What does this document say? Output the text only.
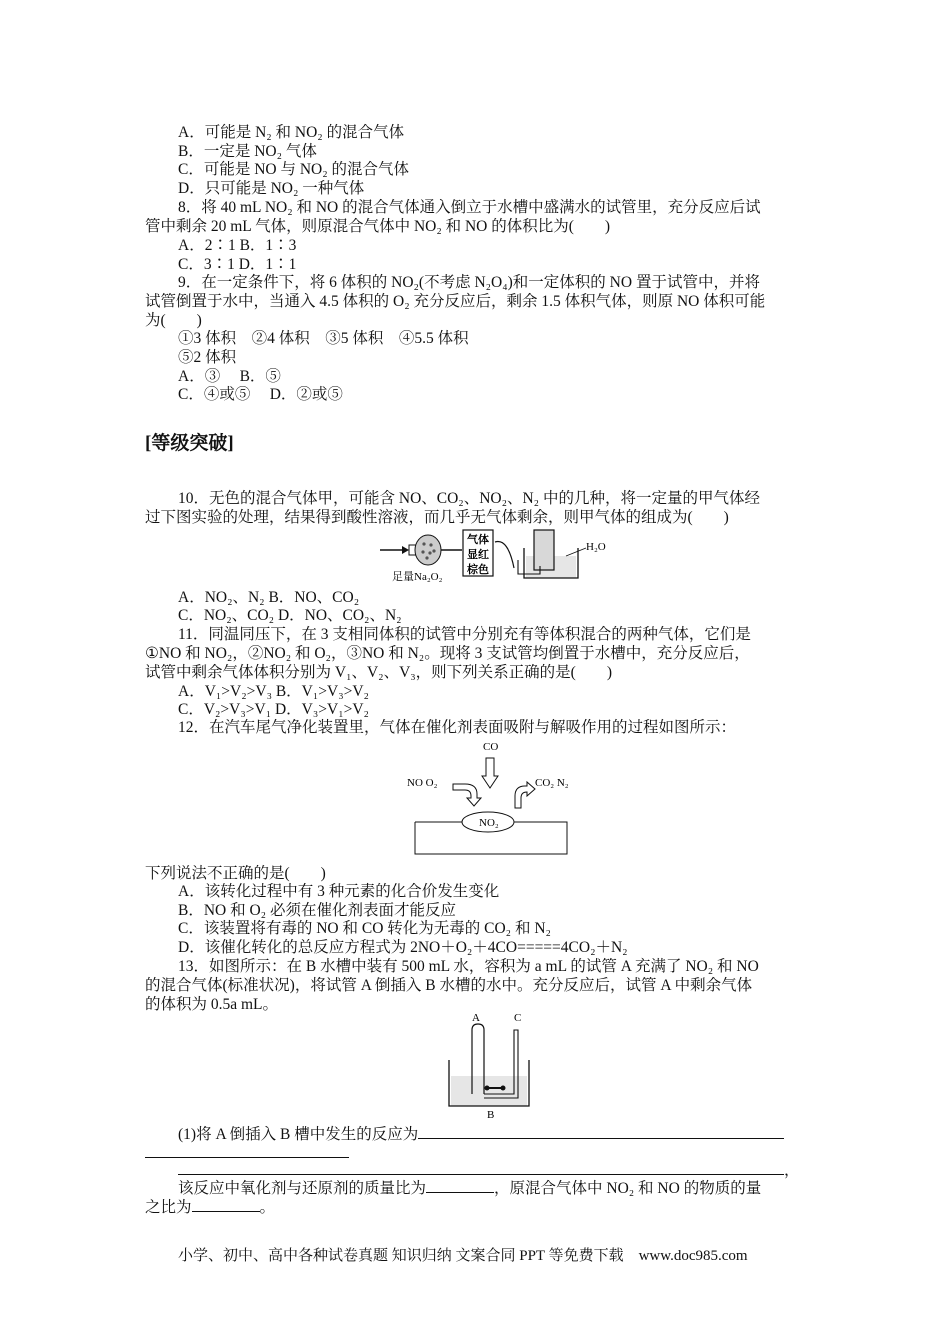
A．可能是 N₂ 和 NO₂ 的混合气体
B．一定是 NO₂ 气体
C．可能是 NO 与 NO₂ 的混合气体
D．只可能是 NO₂ 一种气体
8．将 40 mL NO₂ 和 NO 的混合气体通入倒立于水槽中盛满水的试管里，充分反应后试
管中剩余 20 mL 气体，则原混合气体中 NO₂ 和 NO 的体积比为(　　)
A．2∶1 B．1∶3
C．3∶1 D．1∶1
9．在一定条件下，将 6 体积的 NO₂(不考虑 N₂O₄)和一定体积的 NO 置于试管中，并将
试管倒置于水中，当通入 4.5 体积的 O₂ 充分反应后，剩余 1.5 体积气体，则原 NO 体积可能
为(　　)
①3 体积　②4 体积　③5 体积　④5.5 体积
⑤2 体积
A．③　 B．⑤
C．④或⑤　 D．②或⑤
[等级突破]
10．无色的混合气体甲，可能含 NO、CO₂、NO₂、N₂ 中的几种，将一定量的甲气体经
过下图实验的处理，结果得到酸性溶液，而几乎无气体剩余，则甲气体的组成为(　　)
足量Na₂O₂
气体
显红
棕色
H₂O
A．NO₂、N₂ B．NO、CO₂
C．NO₂、CO₂ D．NO、CO₂、N₂
11．同温同压下，在 3 支相同体积的试管中分别充有等体积混合的两种气体，它们是
①NO 和 NO₂，②NO₂ 和 O₂，③NO 和 N₂。现将 3 支试管均倒置于水槽中，充分反应后，
试管中剩余气体体积分别为 V₁、V₂、V₃，则下列关系正确的是(　　)
A．V₁>V₂>V₃ B．V₁>V₃>V₂
C．V₂>V₃>V₁ D．V₃>V₁>V₂
12．在汽车尾气净化装置里，气体在催化剂表面吸附与解吸作用的过程如图所示：
CO
NO O₂	CO₂ N₂
NO₂
下列说法不正确的是(　　)
A．该转化过程中有 3 种元素的化合价发生变化
B．NO 和 O₂ 必须在催化剂表面才能反应
C．该装置将有毒的 NO 和 CO 转化为无毒的 CO₂ 和 N₂
D．该催化转化的总反应方程式为 2NO＋O₂＋4CO=====4CO₂＋N₂
13．如图所示：在 B 水槽中装有 500 mL 水，容积为 a mL 的试管 A 充满了 NO₂ 和 NO
的混合气体(标准状况)，将试管 A 倒插入 B 水槽的水中。充分反应后，试管 A 中剩余气体
的体积为 0.5a mL。
A	C
B
(1)将 A 倒插入 B 槽中发生的反应为
，
该反应中氧化剂与还原剂的质量比为	，原混合气体中 NO₂ 和 NO 的物质的量
之比为	。
小学、初中、高中各种试卷真题 知识归纳 文案合同 PPT 等免费下载　www.doc985.com
